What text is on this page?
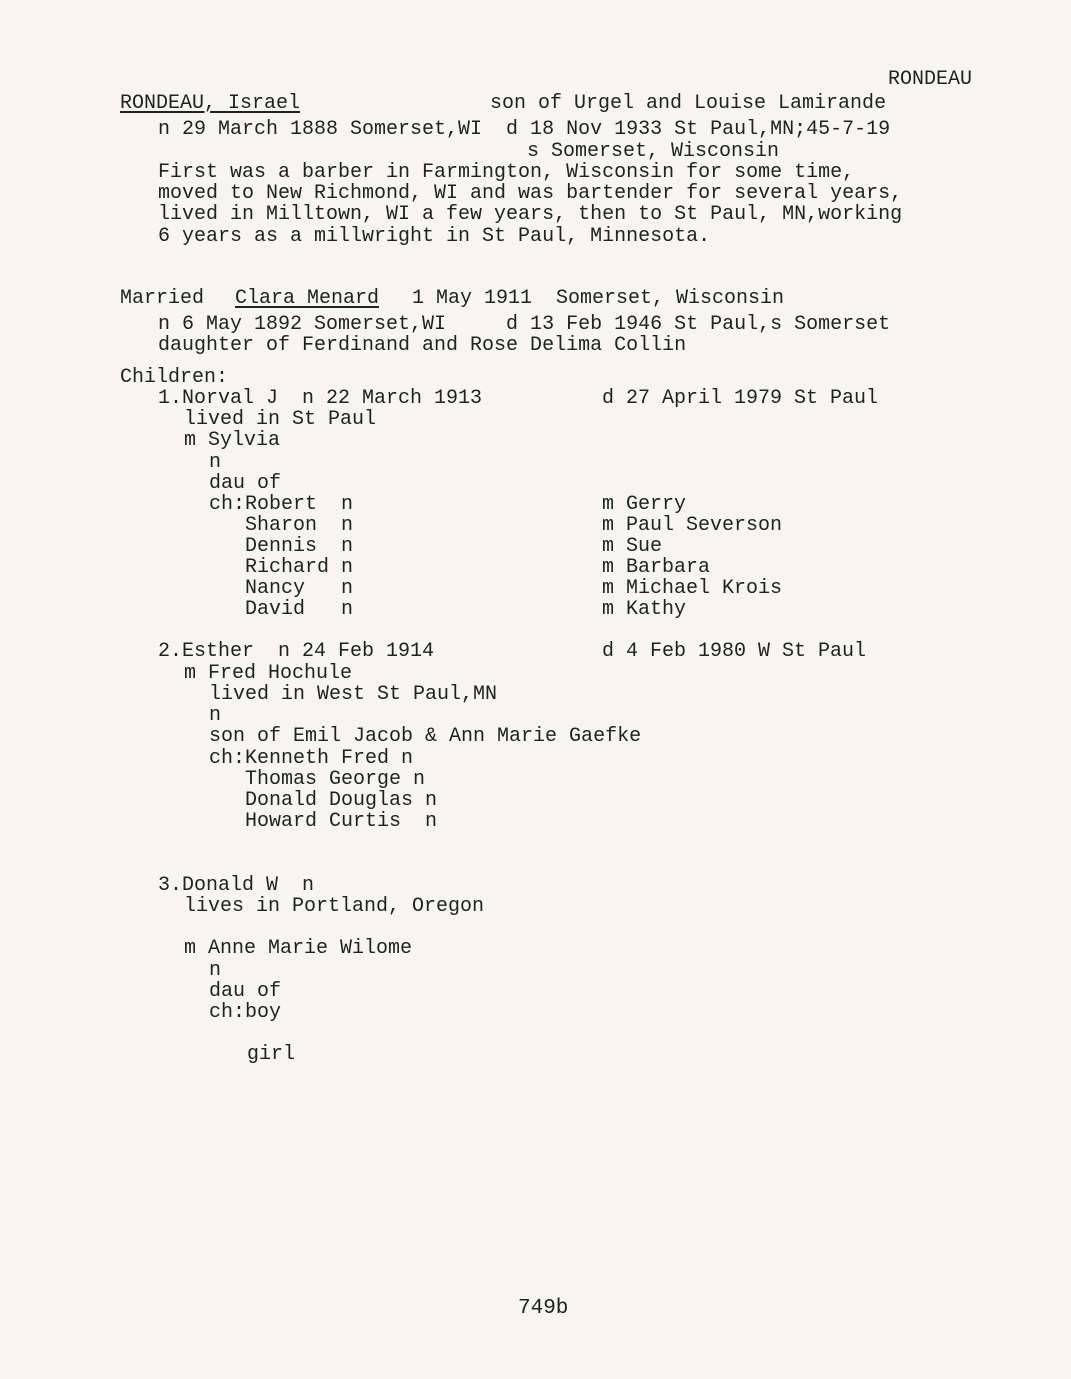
RONDEAU
RONDEAU, Israel	son of Urgel and Louise Lamirande
n 29 March 1888 Somerset,WI  d 18 Nov 1933 St Paul,MN;45-7-19
s Somerset, Wisconsin
First was a barber in Farmington, Wisconsin for some time,
moved to New Richmond, WI and was bartender for several years,
lived in Milltown, WI a few years, then to St Paul, MN,working
6 years as a millwright in St Paul, Minnesota.
Married Clara Menard 1 May 1911  Somerset, Wisconsin
n 6 May 1892 Somerset,WI     d 13 Feb 1946 St Paul,s Somerset
daughter of Ferdinand and Rose Delima Collin
Children:
1.Norval J  n 22 March 1913	d 27 April 1979 St Paul
lived in St Paul
m Sylvia
n
dau of
ch:Robert  n	m Gerry
Sharon  n	m Paul Severson
Dennis  n	m Sue
Richard n	m Barbara
Nancy   n	m Michael Krois
David   n	m Kathy
2.Esther  n 24 Feb 1914	d 4 Feb 1980 W St Paul
m Fred Hochule
lived in West St Paul,MN
n
son of Emil Jacob & Ann Marie Gaefke
ch:Kenneth Fred n
Thomas George n
Donald Douglas n
Howard Curtis  n
3.Donald W  n
lives in Portland, Oregon
m Anne Marie Wilome
n
dau of
ch:boy
girl
749b
